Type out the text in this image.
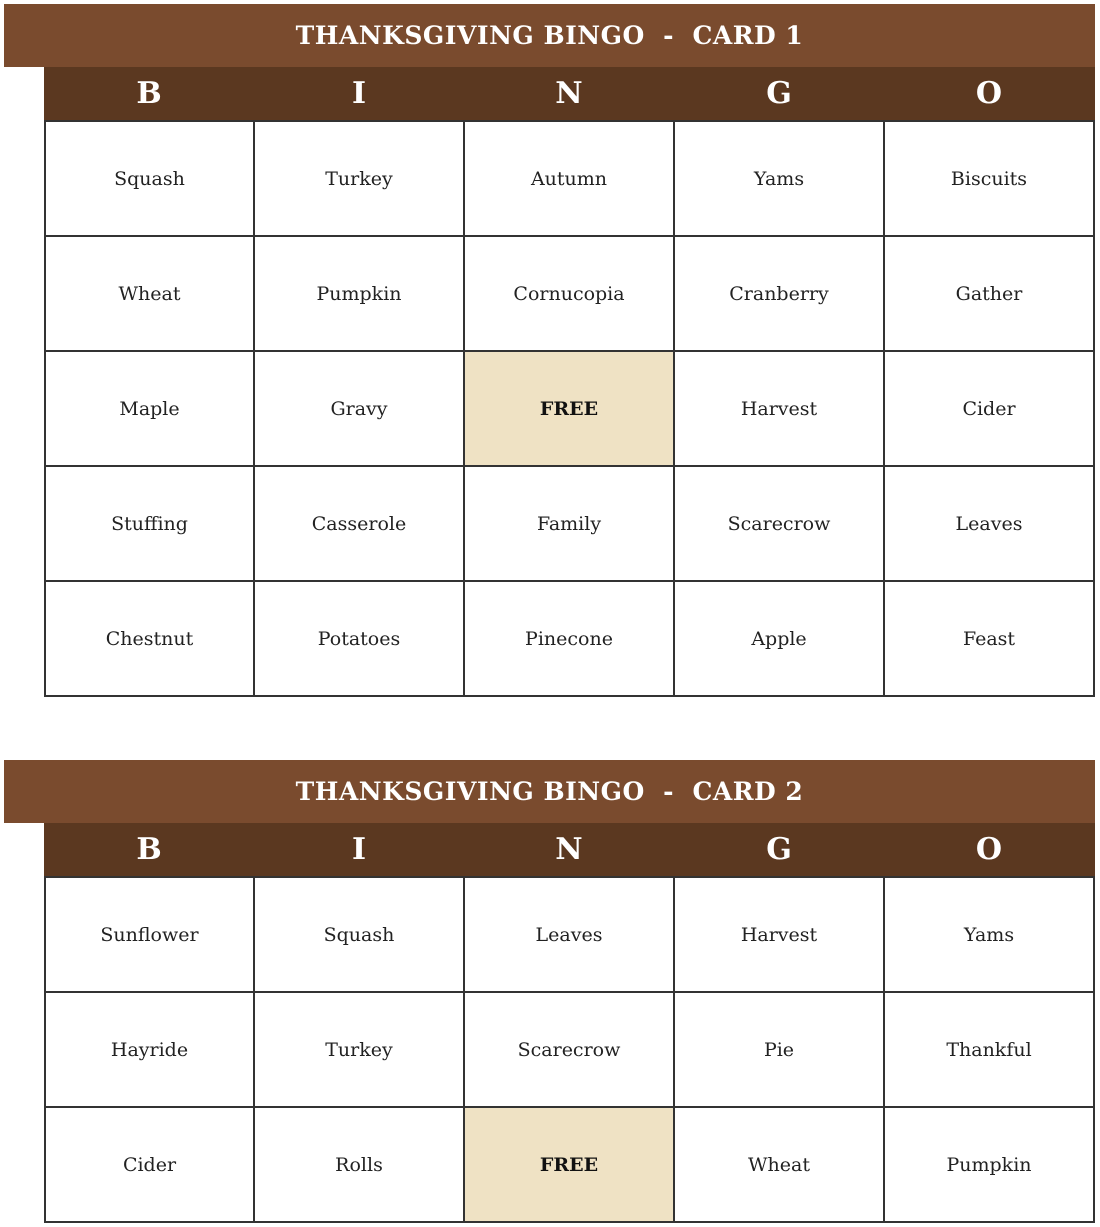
THANKSGIVING BINGO  -  CARD 1
B	I	N	G	O
Squash	Turkey	Autumn	Yams	Biscuits
Wheat	Pumpkin	Cornucopia	Cranberry	Gather
Maple	Gravy	FREE	Harvest	Cider
Stuffing	Casserole	Family	Scarecrow	Leaves
Chestnut	Potatoes	Pinecone	Apple	Feast
THANKSGIVING BINGO  -  CARD 2
B	I	N	G	O
Sunflower	Squash	Leaves	Harvest	Yams
Hayride	Turkey	Scarecrow	Pie	Thankful
Cider	Rolls	FREE	Wheat	Pumpkin
